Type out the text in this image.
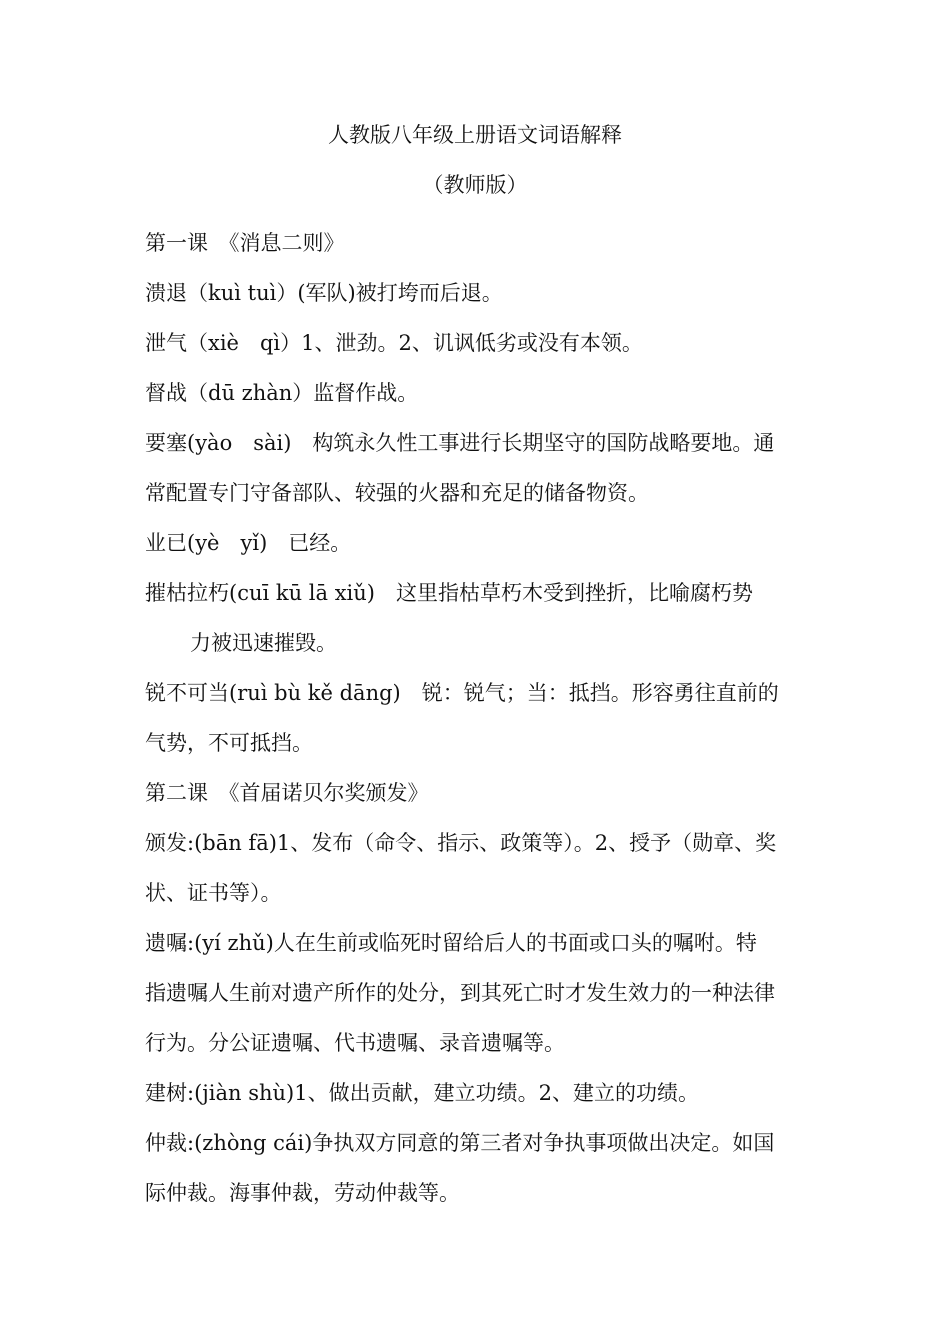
人教版八年级上册语文词语解释
（教师版）
第一课　《消息二则》
溃退（kuì tuì）(军队)被打垮而后退。
泄气（xiè　qì）1、泄劲。2、讥讽低劣或没有本领。
督战（dū zhàn）监督作战。
要塞(yào　sài)　构筑永久性工事进行长期坚守的国防战略要地。通
常配置专门守备部队、较强的火器和充足的储备物资。
业已(yè　yǐ)　已经。
摧枯拉朽(cuī kū lā xiǔ)　这里指枯草朽木受到挫折，比喻腐朽势
力被迅速摧毁。
锐不可当(ruì bù kě dāng)　锐：锐气；当：抵挡。形容勇往直前的
气势，不可抵挡。
第二课　《首届诺贝尔奖颁发》
颁发:(bān fā)1、发布（命令、指示、政策等）。2、授予（勋章、奖
状、证书等）。
遗嘱:(yí zhǔ)人在生前或临死时留给后人的书面或口头的嘱咐。特
指遗嘱人生前对遗产所作的处分，到其死亡时才发生效力的一种法律
行为。分公证遗嘱、代书遗嘱、录音遗嘱等。
建树:(jiàn shù)1、做出贡献，建立功绩。2、建立的功绩。
仲裁:(zhòng cái)争执双方同意的第三者对争执事项做出决定。如国
际仲裁。海事仲裁，劳动仲裁等。
